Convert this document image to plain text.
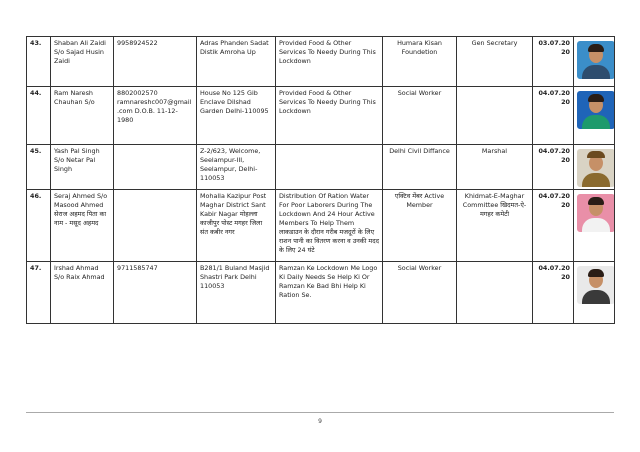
43.	Shaban Ali Zaidi S/o Sajad Husin Zaidi	9958924522	Adras Phanden Sadat Distik Amroha Up	Provided Food & Other Services To Needy During This Lockdown	Humara Kisan Foundetion	Gen Secretary	03.07.2020	

44.	Ram Naresh Chauhan S/o	8802002570 ramnareshc007@gmail.com D.O.B. 11-12-1980	House No 125 Gib Enclave Dilshad Garden Delhi-110095	Provided Food & Other Services To Needy During This Lockdown	Social Worker		04.07.2020	

45.	Yash Pal Singh S/o Netar Pal Singh		Z-2/623, Welcome, Seelampur-III, Seelampur, Delhi-110053		Delhi Civil Diffance	Marshal	04.07.2020	

46.	Seraj Ahmed S/o Masood Ahmed सेराज अहमद पिता का नाम - मसूद अहमद		Mohalla Kazipur Post Maghar District Sant Kabir Nagar मोहल्ला काजीपुर पोस्ट मगहर जिला संत कबीर नगर	Distribution Of Ration Water For Poor Laborers During The Lockdown And 24 Hour Active Members To Help Them लाकडाउन के दौरान गरीब मजदूरों के लिए राशन पानी का वितरण करना व उनकी मदद के लिए 24 घंटे	एक्टिव मेंबर Active Member	Khidmat-E-Maghar Committee खिदमत-ऐ-मगहर कमेटी	04.07.2020	

47.	Irshad Ahmad S/o Raix Ahmad	9711585747	B281/1 Buland Masjid Shastri Park Delhi 110053	Ramzan Ke Lockdown Me Logo Ki Daily Needs Se Help Ki Or Ramzan Ke Bad Bhi Help Ki Ration Se.	Social Worker		04.07.2020	
9
